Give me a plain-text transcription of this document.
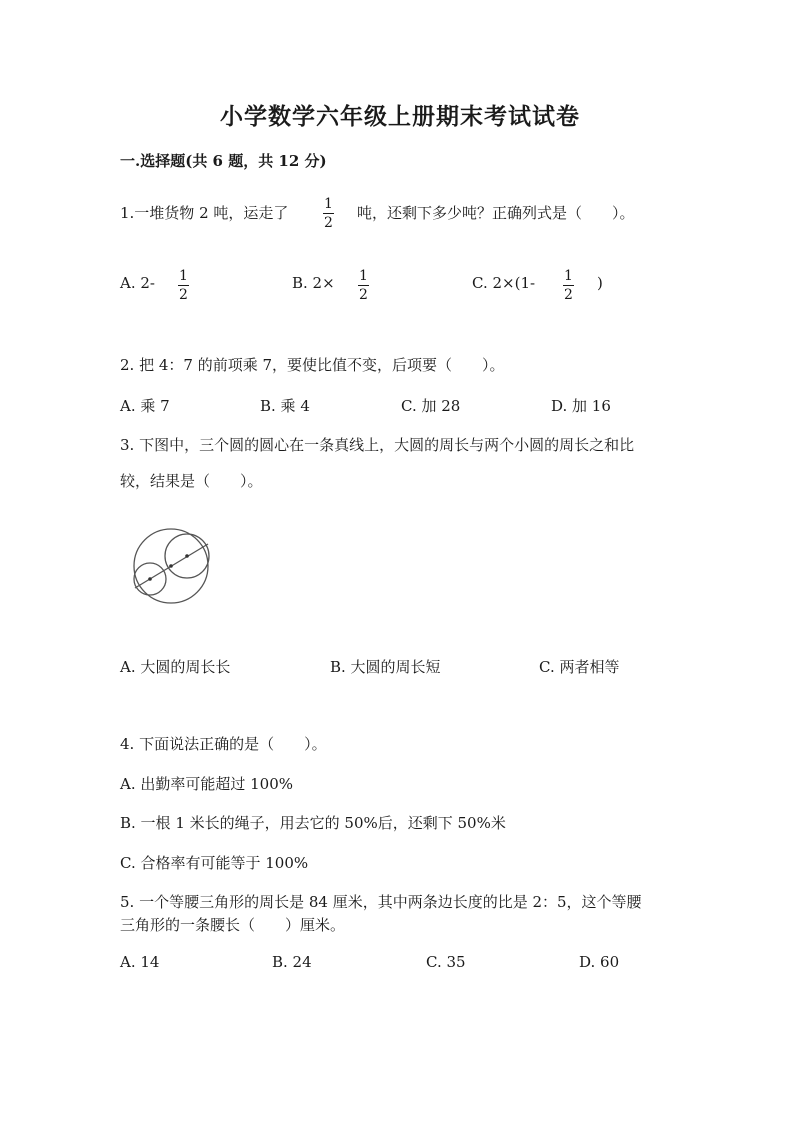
小学数学六年级上册期末考试试卷
一.选择题(共 6 题，共 12 分)
1.一堆货物 2 吨，运走了	1
2
吨，还剩下多少吨？正确列式是（　　）。
A. 2- 1
2
B. 2× 1
2
C. 2×(1- 1
2
)
2. 把 4：7 的前项乘 7，要使比值不变，后项要（　　）。
A. 乘 7	B. 乘 4	C. 加 28	D. 加 16
3. 下图中，三个圆的圆心在一条真线上，大圆的周长与两个小圆的周长之和比
较，结果是（　　）。
A. 大圆的周长长	B. 大圆的周长短	C. 两者相等
4. 下面说法正确的是（　　）。
A. 出勤率可能超过 100%
B. 一根 1 米长的绳子，用去它的 50%后，还剩下 50%米
C. 合格率有可能等于 100%
5. 一个等腰三角形的周长是 84 厘米，其中两条边长度的比是 2：5，这个等腰
三角形的一条腰长（　　）厘米。
A. 14	B. 24	C. 35	D. 60
